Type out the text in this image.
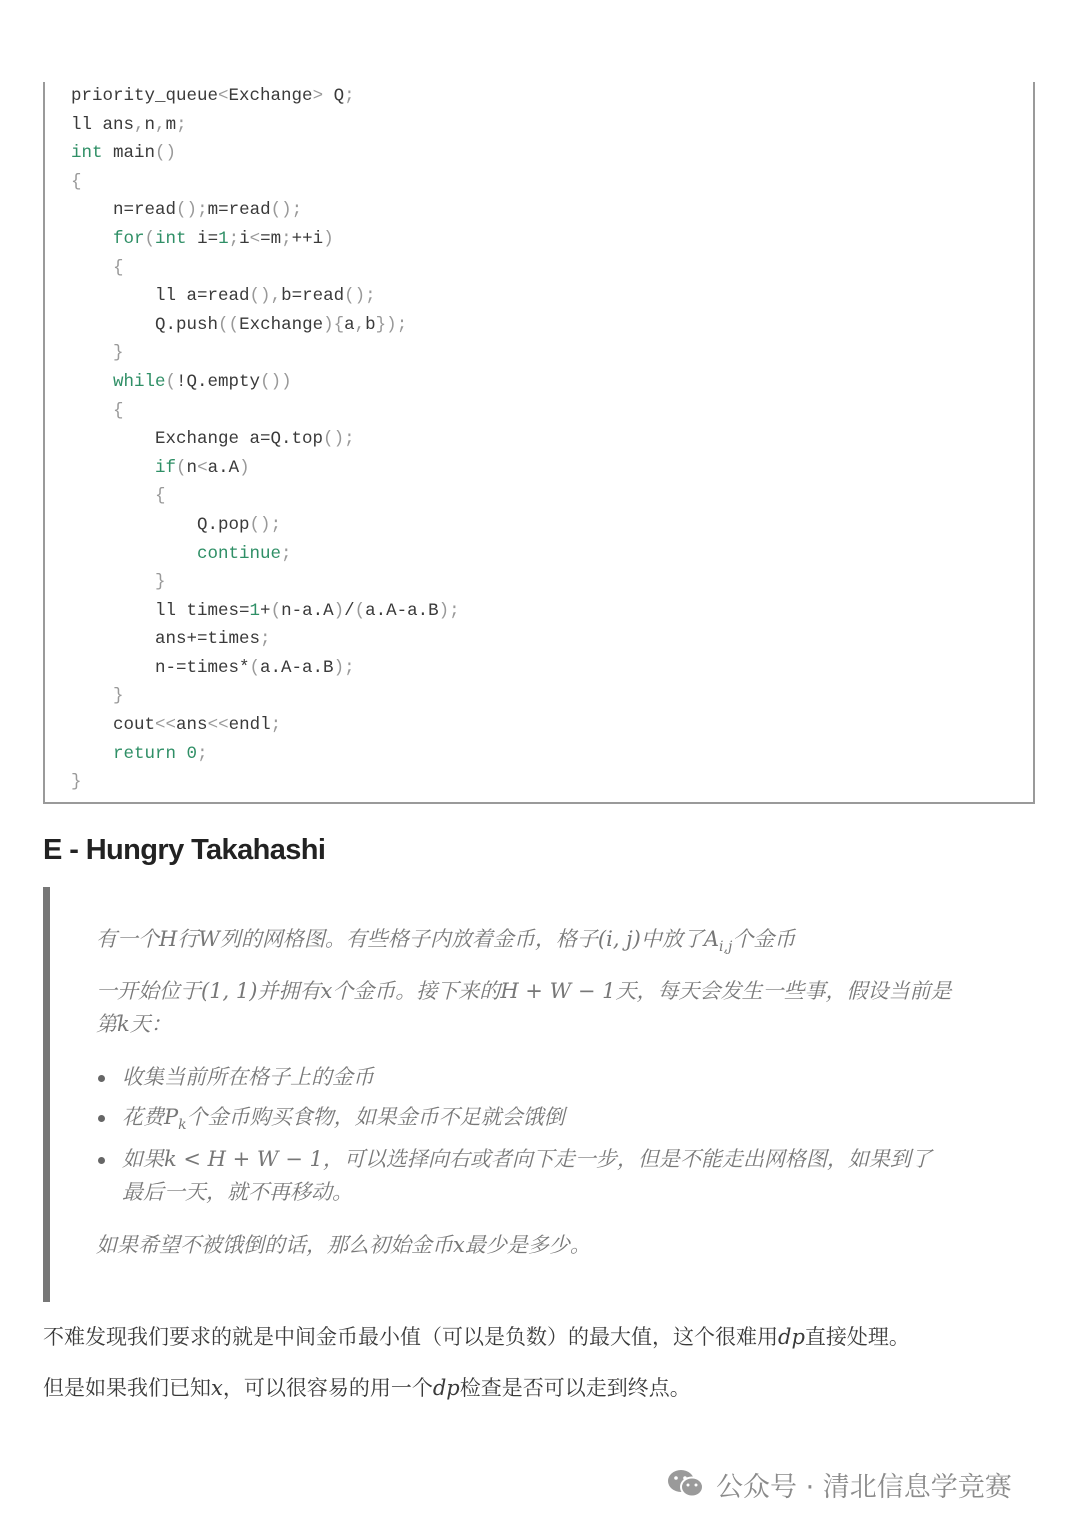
priority_queue<Exchange> Q;
ll ans,n,m;
int main()
{
n=read();m=read();
for(int i=1;i<=m;++i)
{
ll a=read(),b=read();
Q.push((Exchange){a,b});
}
while(!Q.empty())
{
Exchange a=Q.top();
if(n<a.A)
{
Q.pop();
continue;
}
ll times=1+(n-a.A)/(a.A-a.B);
ans+=times;
n-=times*(a.A-a.B);
}
cout<<ans<<endl;
return 0;
}
E - Hungry Takahashi

有一个H行W列的网格图。有些格子内放着金币，格子(i, j)中放了$A_{i,j}$个金币

一开始位于(1, 1)并拥有x个金币。接下来的H + W − 1天，每天会发生一些事，假设当前是
第k天：

收集当前所在格子上的金币
花费$P_k$个金币购买食物，如果金币不足就会饿倒
如果k < H + W − 1，可以选择向右或者向下走一步，但是不能走出网格图，如果到了
最后一天，就不再移动。

如果希望不被饿倒的话，那么初始金币x最少是多少。

不难发现我们要求的就是中间金币最小值（可以是负数）的最大值，这个很难用dp直接处理。

但是如果我们已知x，可以很容易的用一个dp检查是否可以走到终点。

公众号 · 清北信息学竞赛
